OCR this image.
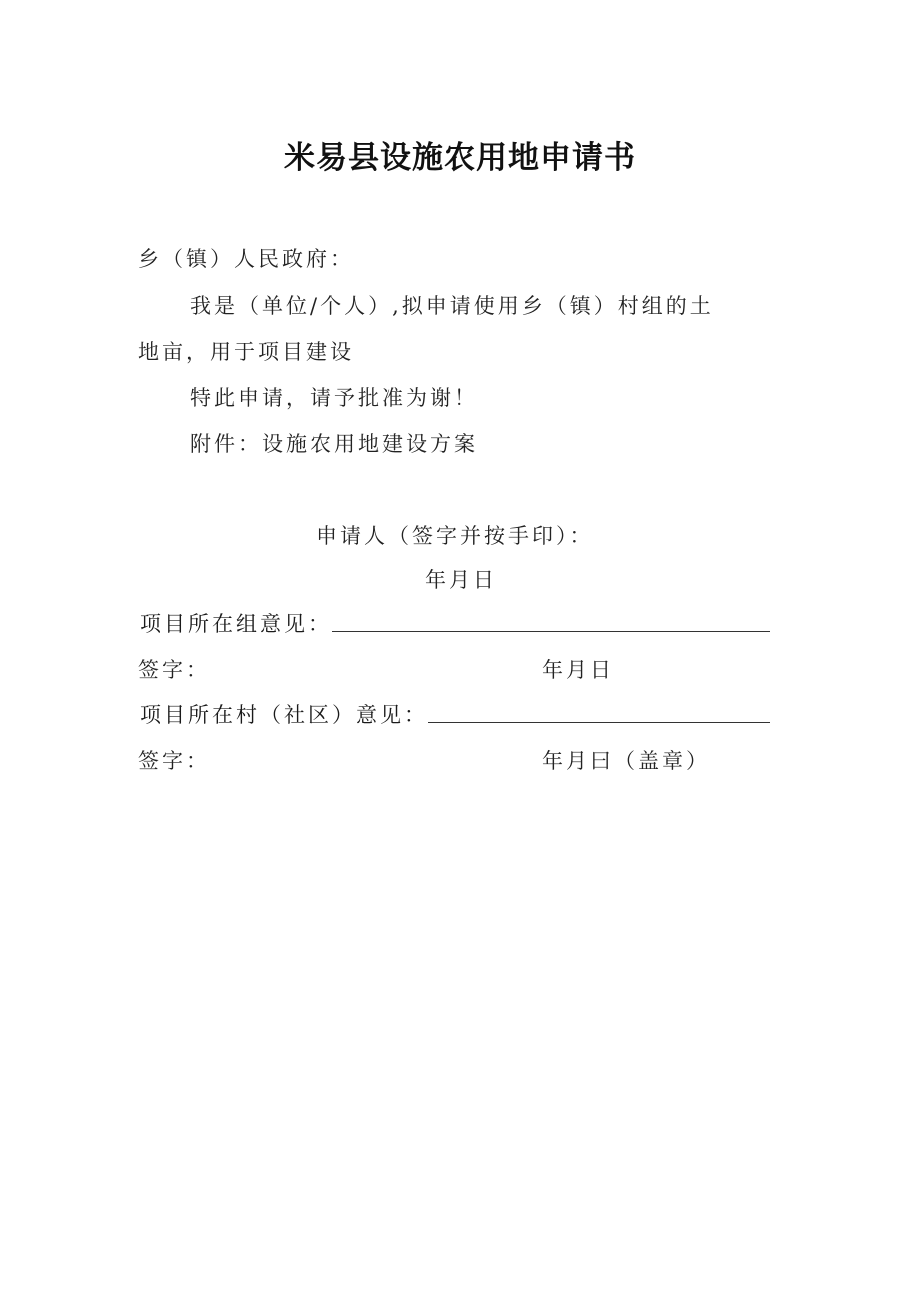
米易县设施农用地申请书
乡（镇）人民政府：
我是（单位/个人）,拟申请使用乡（镇）村组的土
地亩，用于项目建设
特此申请，请予批准为谢！
附件：设施农用地建设方案
申请人（签字并按手印）：
年月日
项目所在组意见：
签字：	年月日
项目所在村（社区）意见：
签字：	年月曰（盖章）
